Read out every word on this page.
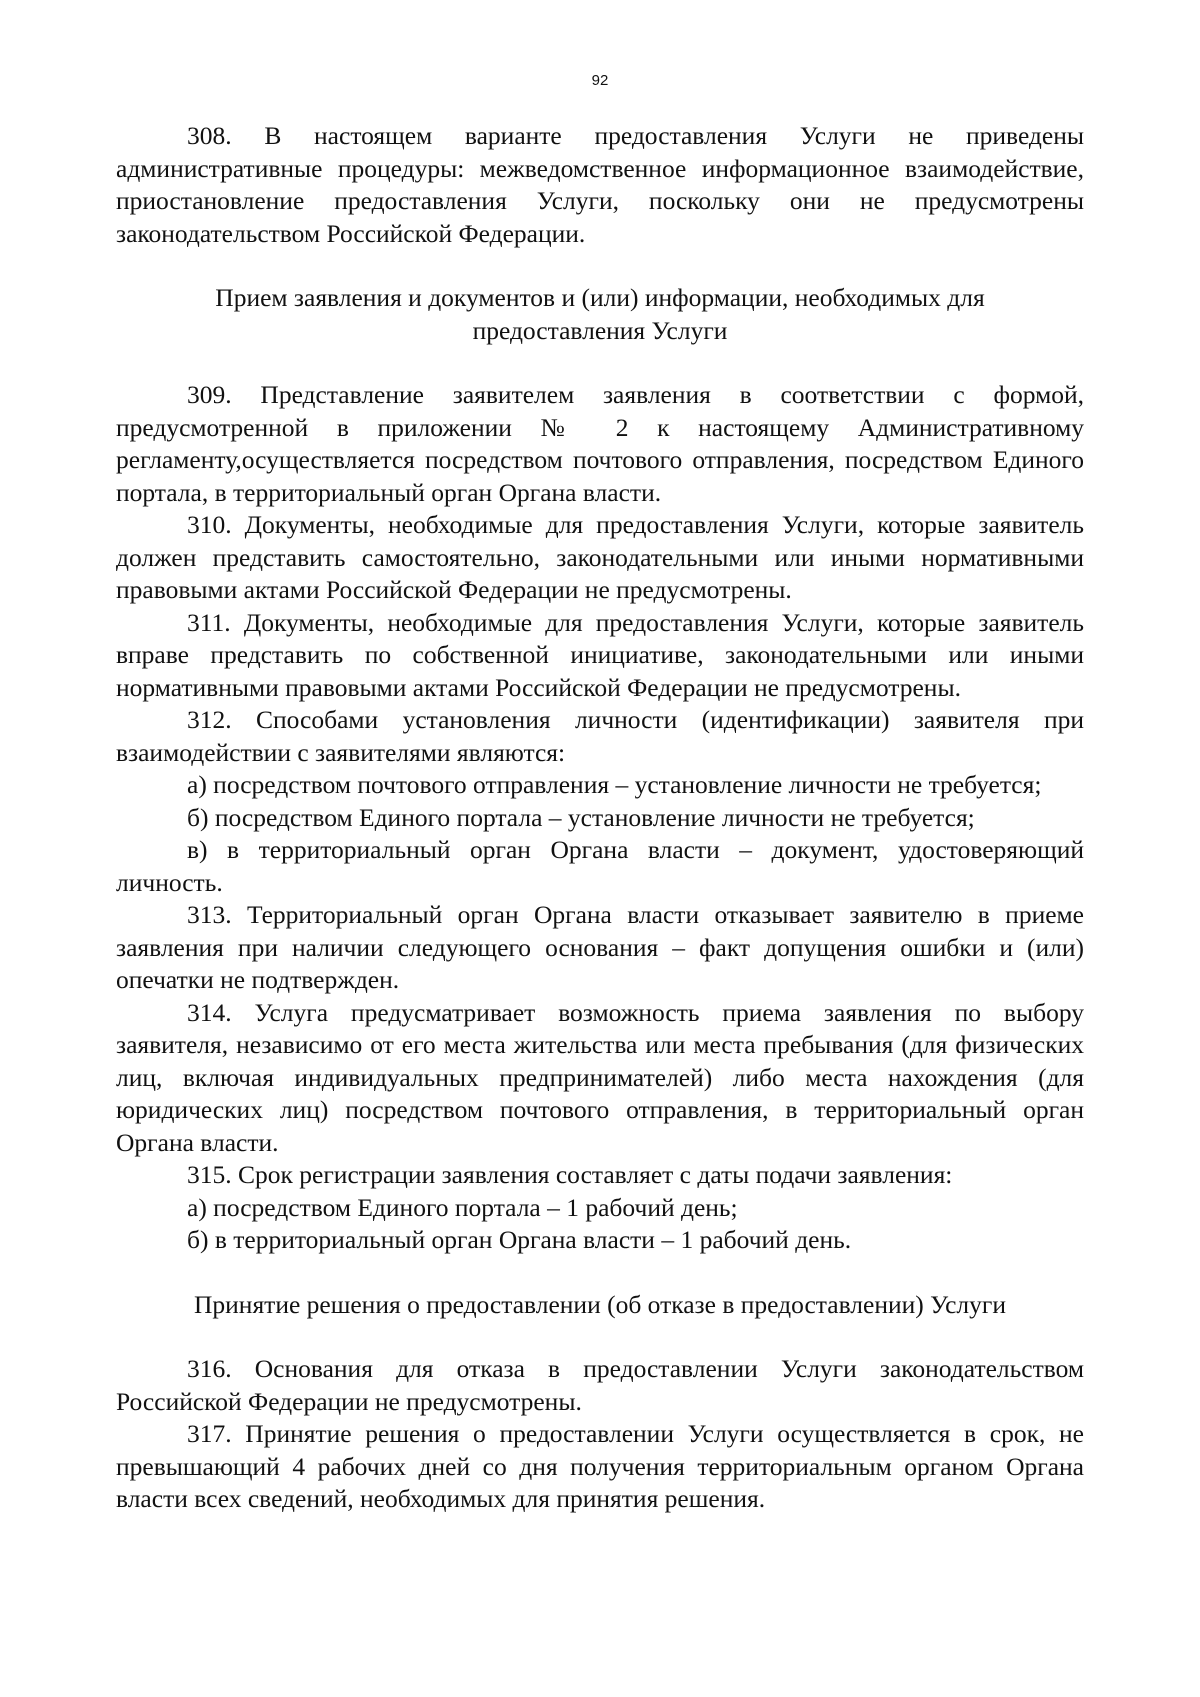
92

308. В настоящем варианте предоставления Услуги не приведены административные процедуры: межведомственное информационное взаимодействие, приостановление предоставления Услуги, поскольку они не предусмотрены законодательством Российской Федерации.

Прием заявления и документов и (или) информации, необходимых для предоставления Услуги

309. Представление заявителем заявления в соответствии с формой, предусмотренной в приложении № 2 к настоящему Административному регламенту,осуществляется посредством почтового отправления, посредством Единого портала, в территориальный орган Органа власти.

310. Документы, необходимые для предоставления Услуги, которые заявитель должен представить самостоятельно, законодательными или иными нормативными правовыми актами Российской Федерации не предусмотрены.

311. Документы, необходимые для предоставления Услуги, которые заявитель вправе представить по собственной инициативе, законодательными или иными нормативными правовыми актами Российской Федерации не предусмотрены.

312. Способами установления личности (идентификации) заявителя при взаимодействии с заявителями являются:

а) посредством почтового отправления – установление личности не требуется;

б) посредством Единого портала – установление личности не требуется;

в) в территориальный орган Органа власти – документ, удостоверяющий личность.

313. Территориальный орган Органа власти отказывает заявителю в приеме заявления при наличии следующего основания – факт допущения ошибки и (или) опечатки не подтвержден.

314. Услуга предусматривает возможность приема заявления по выбору заявителя, независимо от его места жительства или места пребывания (для физических лиц, включая индивидуальных предпринимателей) либо места нахождения (для юридических лиц) посредством почтового отправления, в территориальный орган Органа власти.

315. Срок регистрации заявления составляет с даты подачи заявления:

а) посредством Единого портала – 1 рабочий день;

б) в территориальный орган Органа власти – 1 рабочий день.

Принятие решения о предоставлении (об отказе в предоставлении) Услуги

316. Основания для отказа в предоставлении Услуги законодательством Российской Федерации не предусмотрены.

317. Принятие решения о предоставлении Услуги осуществляется в срок, не превышающий 4 рабочих дней со дня получения территориальным органом Органа власти всех сведений, необходимых для принятия решения.
